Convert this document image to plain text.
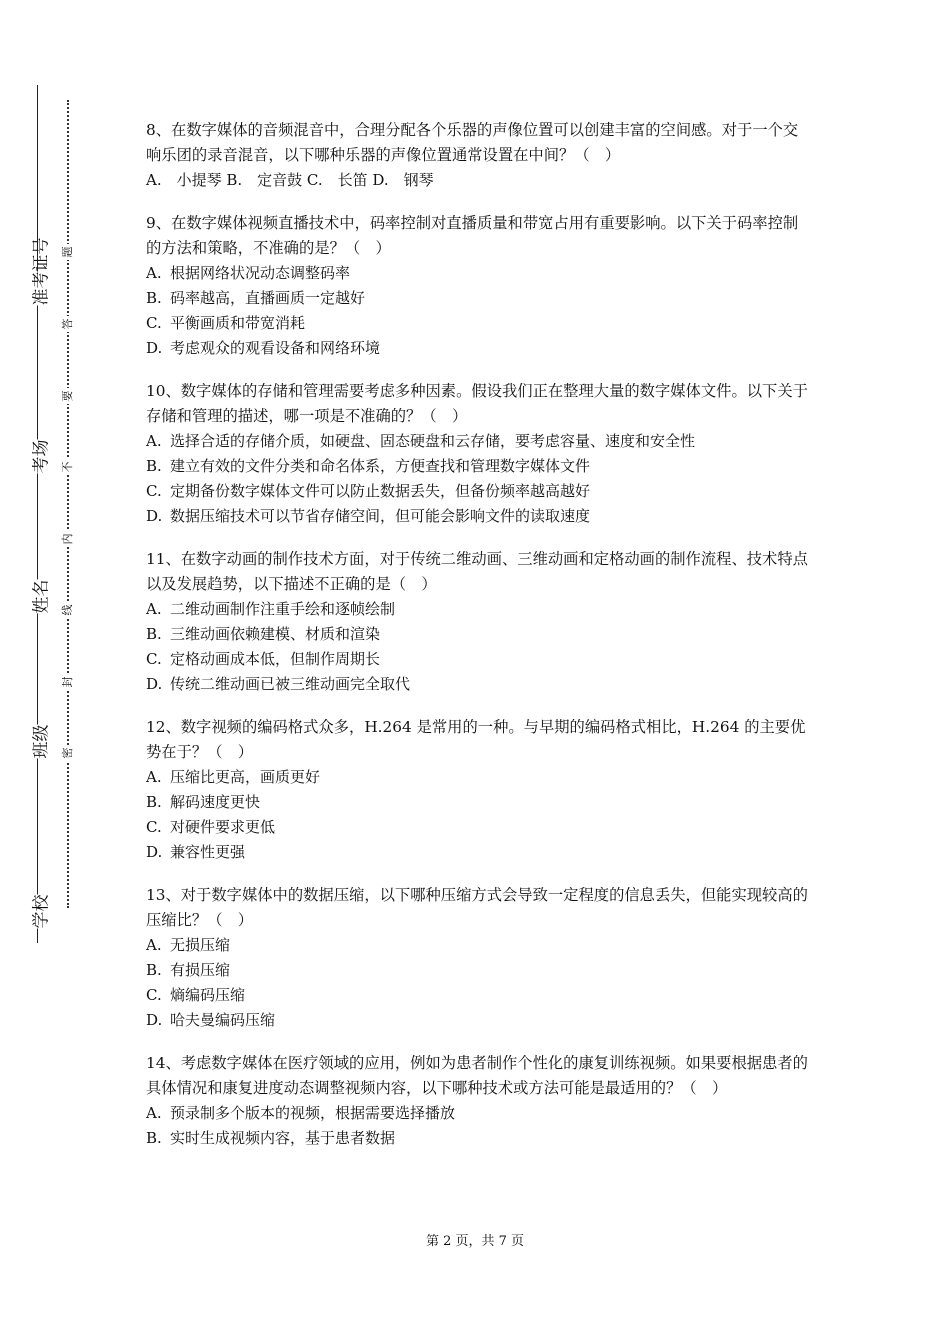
准考证号
考场
姓名
班级
学校
题
答
要
不
内
线
封
密

8、在数字媒体的音频混音中，合理分配各个乐器的声像位置可以创建丰富的空间感。对于一个交响乐团的录音混音，以下哪种乐器的声像位置通常设置在中间？（　）

A.　小提琴 B.　定音鼓 C.　长笛 D.　钢琴

9、在数字媒体视频直播技术中，码率控制对直播质量和带宽占用有重要影响。以下关于码率控制的方法和策略，不准确的是？（　）

A. 根据网络状况动态调整码率

B. 码率越高，直播画质一定越好

C. 平衡画质和带宽消耗

D. 考虑观众的观看设备和网络环境

10、数字媒体的存储和管理需要考虑多种因素。假设我们正在整理大量的数字媒体文件。以下关于存储和管理的描述，哪一项是不准确的？（　）

A. 选择合适的存储介质，如硬盘、固态硬盘和云存储，要考虑容量、速度和安全性

B. 建立有效的文件分类和命名体系，方便查找和管理数字媒体文件

C. 定期备份数字媒体文件可以防止数据丢失，但备份频率越高越好

D. 数据压缩技术可以节省存储空间，但可能会影响文件的读取速度

11、在数字动画的制作技术方面，对于传统二维动画、三维动画和定格动画的制作流程、技术特点以及发展趋势，以下描述不正确的是（　）

A. 二维动画制作注重手绘和逐帧绘制

B. 三维动画依赖建模、材质和渲染

C. 定格动画成本低，但制作周期长

D. 传统二维动画已被三维动画完全取代

12、数字视频的编码格式众多，H.264 是常用的一种。与早期的编码格式相比，H.264 的主要优势在于？（　）

A. 压缩比更高，画质更好

B. 解码速度更快

C. 对硬件要求更低

D. 兼容性更强

13、对于数字媒体中的数据压缩，以下哪种压缩方式会导致一定程度的信息丢失，但能实现较高的压缩比？（　）

A. 无损压缩

B. 有损压缩

C. 熵编码压缩

D. 哈夫曼编码压缩

14、考虑数字媒体在医疗领域的应用，例如为患者制作个性化的康复训练视频。如果要根据患者的具体情况和康复进度动态调整视频内容，以下哪种技术或方法可能是最适用的？（　）

A. 预录制多个版本的视频，根据需要选择播放

B. 实时生成视频内容，基于患者数据

第 2 页，共 7 页
